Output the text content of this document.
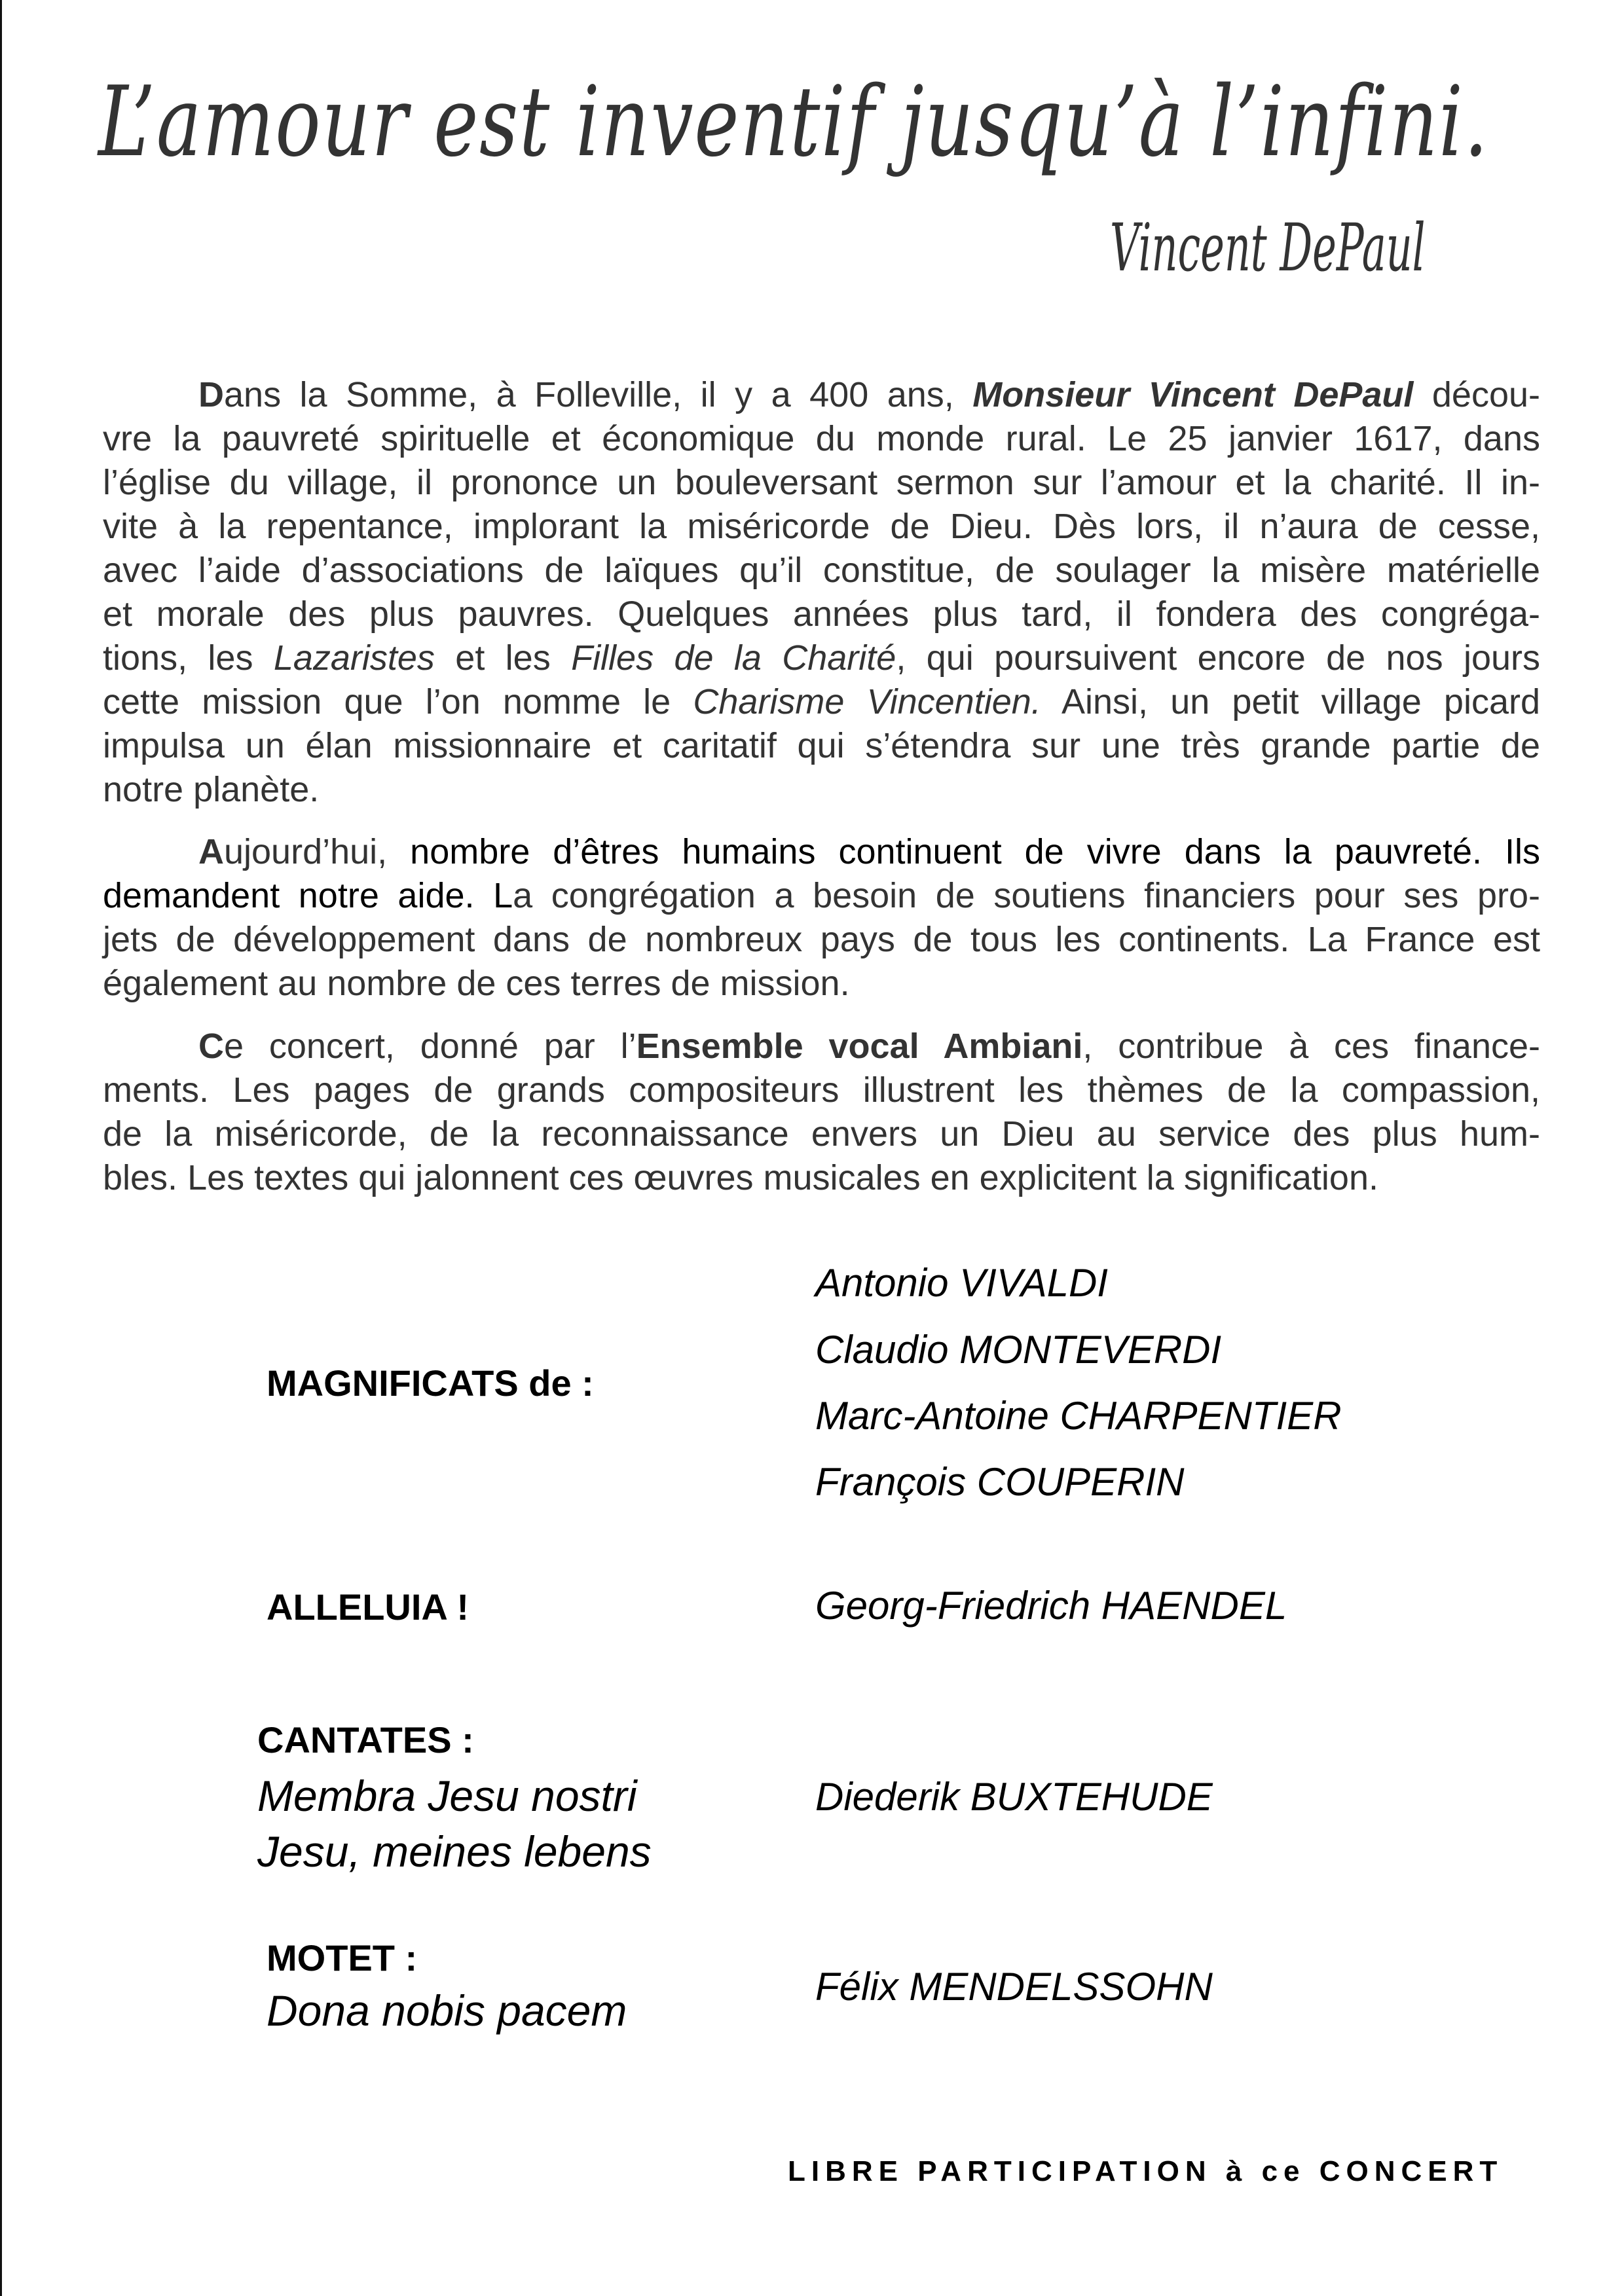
L’amour est inventif jusqu’à l’infini.
Vincent DePaul
Dans la Somme, à Folleville, il y a 400 ans, Monsieur Vincent DePaul décou-
vre la pauvreté spirituelle et économique du monde rural. Le 25 janvier 1617, dans
l’église du village, il prononce un bouleversant sermon sur l’amour et la charité. Il in-
vite à la repentance, implorant la miséricorde de Dieu. Dès lors, il n’aura de cesse,
avec l’aide d’associations de laïques qu’il constitue, de soulager la misère matérielle
et morale des plus pauvres. Quelques années plus tard, il fondera des congréga-
tions, les Lazaristes et les Filles de la Charité, qui poursuivent encore de nos jours
cette mission que l’on nomme le Charisme Vincentien. Ainsi, un petit village picard
impulsa un élan missionnaire et caritatif qui s’étendra sur une très grande partie de
notre planète.
Aujourd’hui, nombre d’êtres humains continuent de vivre dans la pauvreté. Ils
demandent notre aide. La congrégation a besoin de soutiens financiers pour ses pro-
jets de développement dans de nombreux pays de tous les continents. La France est
également au nombre de ces terres de mission.
Ce concert, donné par l’Ensemble vocal Ambiani, contribue à ces finance-
ments. Les pages de grands compositeurs illustrent les thèmes de la compassion,
de la miséricorde, de la reconnaissance envers un Dieu au service des plus hum-
bles. Les textes qui jalonnent ces œuvres musicales en explicitent la signification.
MAGNIFICATS de :
Antonio VIVALDI
Claudio MONTEVERDI
Marc-Antoine CHARPENTIER
François COUPERIN
ALLELUIA !	Georg-Friedrich HAENDEL
CANTATES :
Membra Jesu nostri
Jesu, meines lebens
Diederik BUXTEHUDE
MOTET :
Dona nobis pacem	Félix MENDELSSOHN
LIBRE PARTICIPATION à ce CONCERT
